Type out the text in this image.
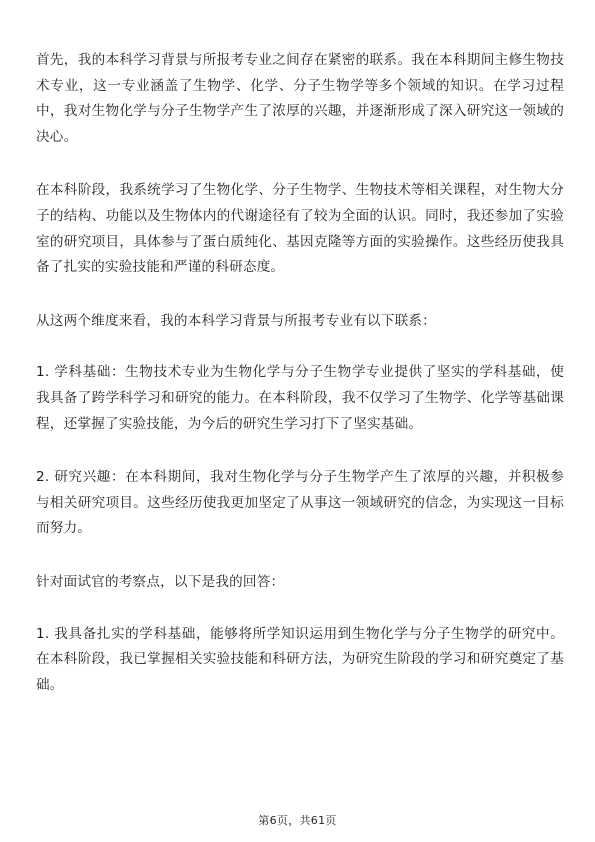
首先，我的本科学习背景与所报考专业之间存在紧密的联系。我在本科期间主修生物技术专业，这一专业涵盖了生物学、化学、分子生物学等多个领域的知识。在学习过程中，我对生物化学与分子生物学产生了浓厚的兴趣，并逐渐形成了深入研究这一领域的决心。

在本科阶段，我系统学习了生物化学、分子生物学、生物技术等相关课程，对生物大分子的结构、功能以及生物体内的代谢途径有了较为全面的认识。同时，我还参加了实验室的研究项目，具体参与了蛋白质纯化、基因克隆等方面的实验操作。这些经历使我具备了扎实的实验技能和严谨的科研态度。

从这两个维度来看，我的本科学习背景与所报考专业有以下联系：

1. 学科基础：生物技术专业为生物化学与分子生物学专业提供了坚实的学科基础，使我具备了跨学科学习和研究的能力。在本科阶段，我不仅学习了生物学、化学等基础课程，还掌握了实验技能，为今后的研究生学习打下了坚实基础。

2. 研究兴趣：在本科期间，我对生物化学与分子生物学产生了浓厚的兴趣，并积极参与相关研究项目。这些经历使我更加坚定了从事这一领域研究的信念，为实现这一目标而努力。

针对面试官的考察点，以下是我的回答：

1. 我具备扎实的学科基础，能够将所学知识运用到生物化学与分子生物学的研究中。在本科阶段，我已掌握相关实验技能和科研方法，为研究生阶段的学习和研究奠定了基础。

第6页，共61页
